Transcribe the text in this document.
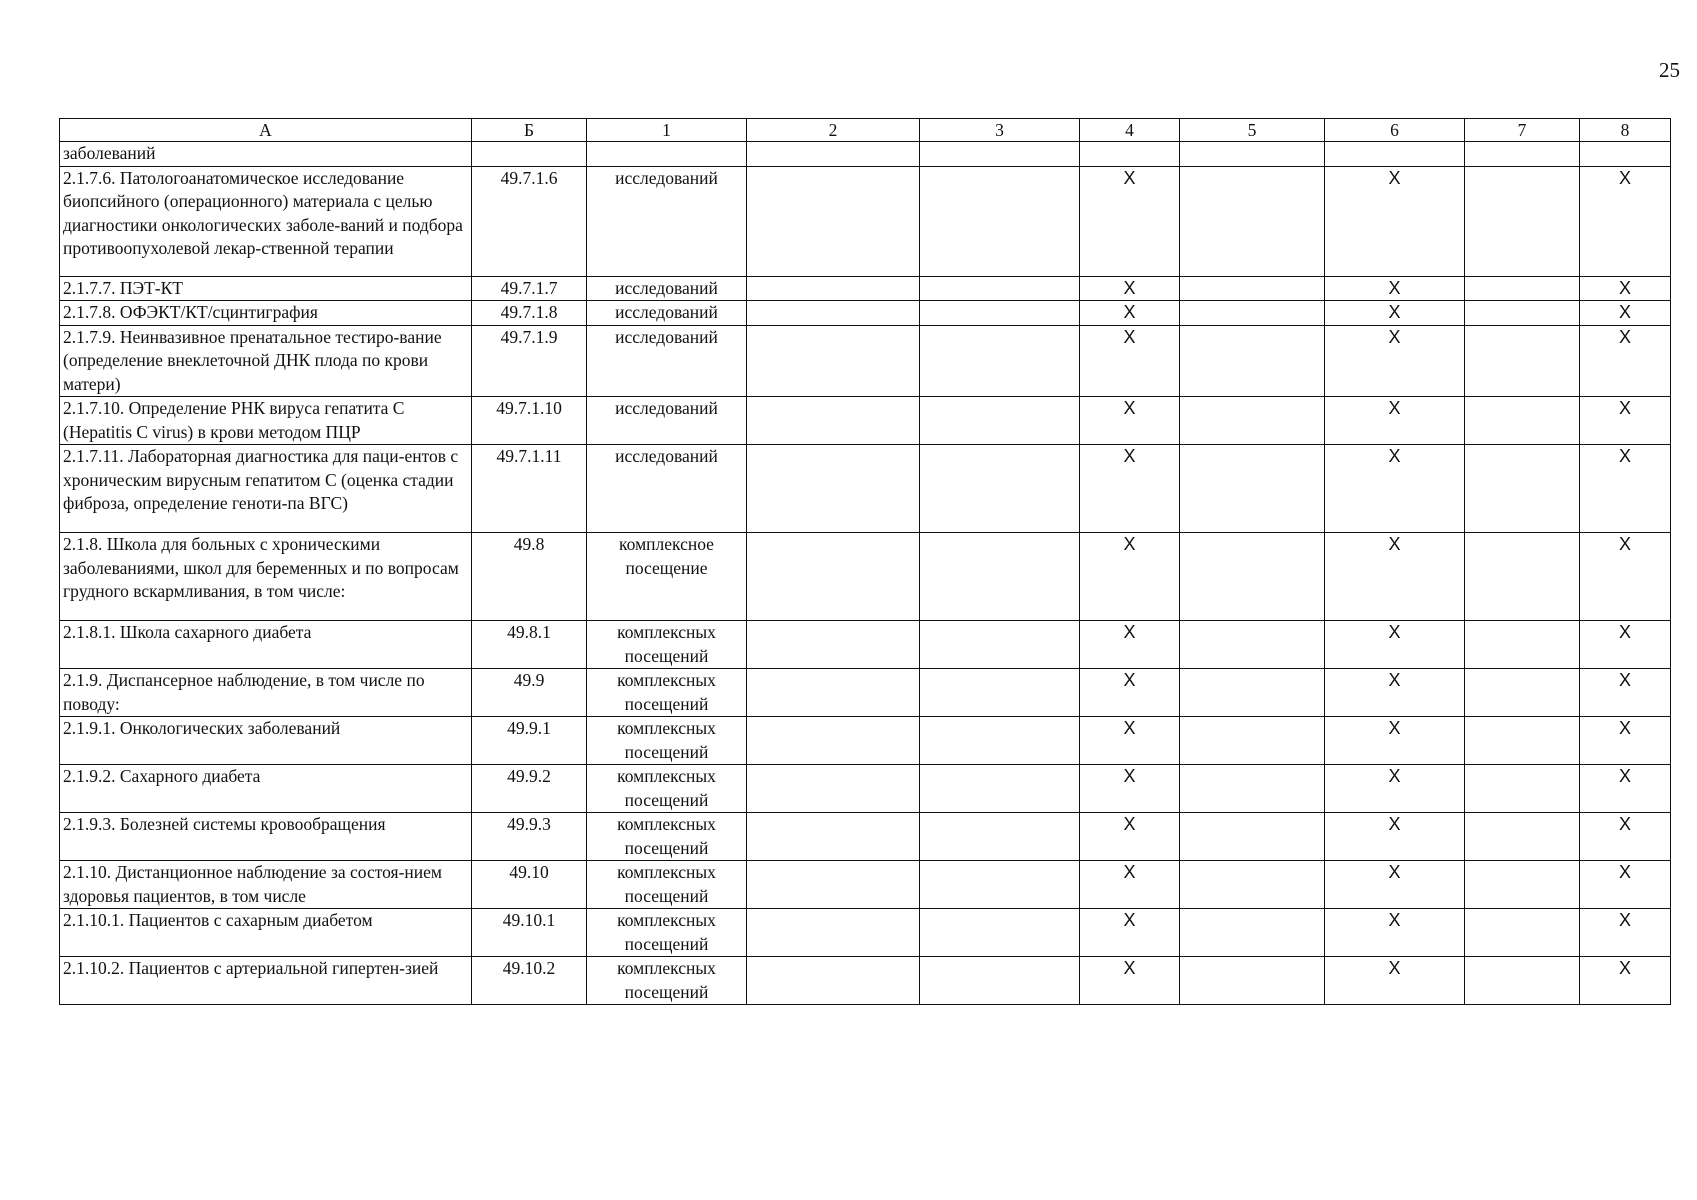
25
А	Б	1	2	3	4	5	6	7	8
заболеваний									
2.1.7.6. Патологоанатомическое исследование биопсийного (операционного) материала с целью диагностики онкологических заболе-ваний и подбора противоопухолевой лекар-ственной терапии	49.7.1.6	исследований			X		X		X
2.1.7.7. ПЭТ-КТ	49.7.1.7	исследований			X		X		X
2.1.7.8. ОФЭКТ/КТ/сцинтиграфия	49.7.1.8	исследований			X		X		X
2.1.7.9. Неинвазивное пренатальное тестиро-вание (определение внеклеточной ДНК плода по крови матери)	49.7.1.9	исследований			X		X		X
2.1.7.10. Определение РНК вируса гепатита С (Hepatitis С virus) в крови методом ПЦР	49.7.1.10	исследований			X		X		X
2.1.7.11. Лабораторная диагностика для паци-ентов с хроническим вирусным гепатитом С (оценка стадии фиброза, определение геноти-па ВГС)	49.7.1.11	исследований			X		X		X
2.1.8. Школа для больных с хроническими заболеваниями, школ для беременных и по вопросам грудного вскармливания, в том числе:	49.8	комплексное посещение			X		X		X
2.1.8.1. Школа сахарного диабета	49.8.1	комплексных посещений			X		X		X
2.1.9. Диспансерное наблюдение, в том числе по поводу:	49.9	комплексных посещений			X		X		X
2.1.9.1. Онкологических заболеваний	49.9.1	комплексных посещений			X		X		X
2.1.9.2. Сахарного диабета	49.9.2	комплексных посещений			X		X		X
2.1.9.3. Болезней системы кровообращения	49.9.3	комплексных посещений			X		X		X
2.1.10. Дистанционное наблюдение за состоя-нием здоровья пациентов, в том числе	49.10	комплексных посещений			X		X		X
2.1.10.1. Пациентов с сахарным диабетом	49.10.1	комплексных посещений			X		X		X
2.1.10.2. Пациентов с артериальной гипертен-зией	49.10.2	комплексных посещений			X		X		X
